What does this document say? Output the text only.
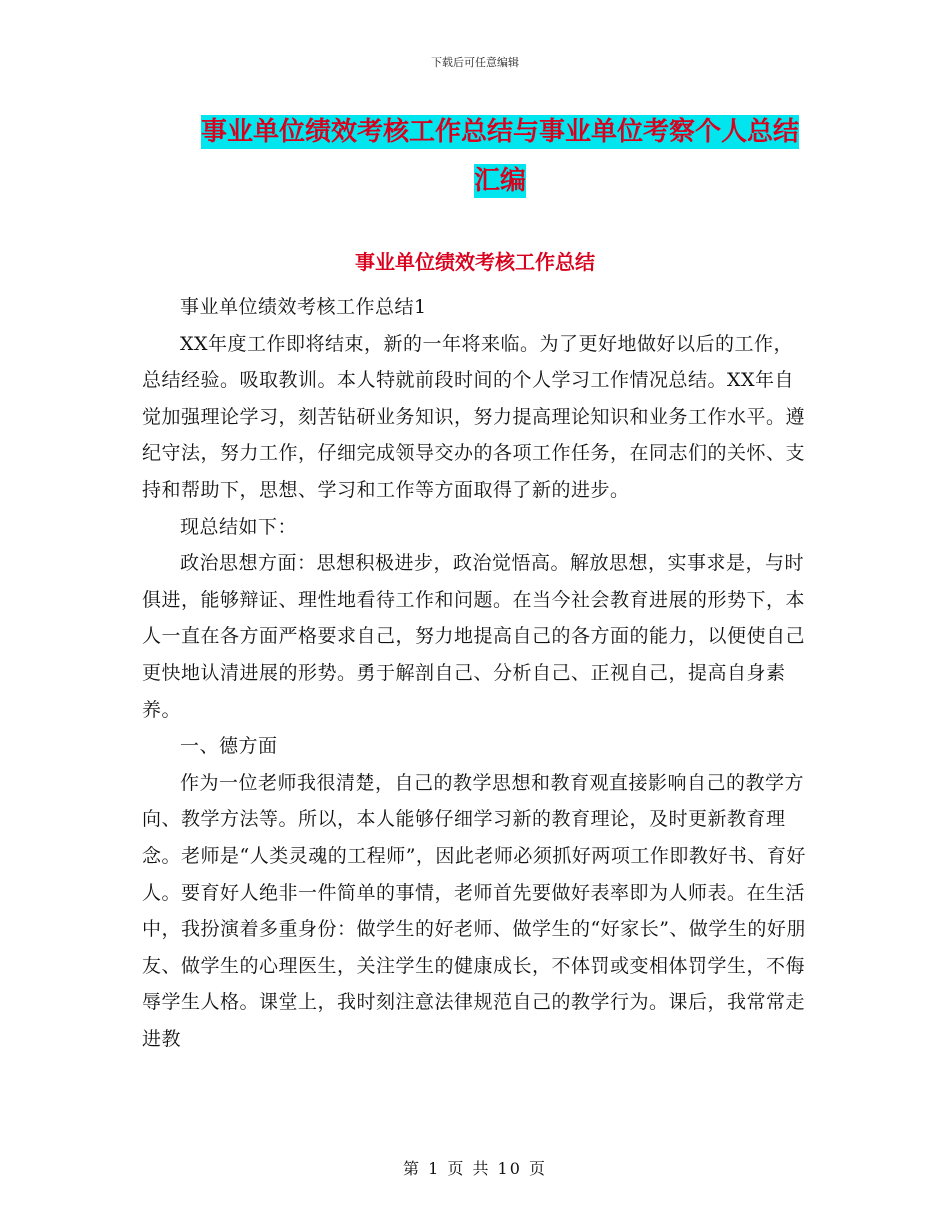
下载后可任意编辑
事业单位绩效考核工作总结与事业单位考察个人总结汇编
事业单位绩效考核工作总结

事业单位绩效考核工作总结1

XX年度工作即将结束，新的一年将来临。为了更好地做好以后的工作，总结经验。吸取教训。本人特就前段时间的个人学习工作情况总结。XX年自觉加强理论学习，刻苦钻研业务知识，努力提高理论知识和业务工作水平。遵纪守法，努力工作，仔细完成领导交办的各项工作任务，在同志们的关怀、支持和帮助下，思想、学习和工作等方面取得了新的进步。

现总结如下：

政治思想方面：思想积极进步，政治觉悟高。解放思想，实事求是，与时俱进，能够辩证、理性地看待工作和问题。在当今社会教育进展的形势下，本人一直在各方面严格要求自己，努力地提高自己的各方面的能力，以便使自己更快地认清进展的形势。勇于解剖自己、分析自己、正视自己，提高自身素养。

一、德方面

作为一位老师我很清楚，自己的教学思想和教育观直接影响自己的教学方向、教学方法等。所以，本人能够仔细学习新的教育理论，及时更新教育理念。老师是“人类灵魂的工程师”，因此老师必须抓好两项工作即教好书、育好人。要育好人绝非一件简单的事情，老师首先要做好表率即为人师表。在生活中，我扮演着多重身份：做学生的好老师、做学生的“好家长”、做学生的好朋友、做学生的心理医生，关注学生的健康成长，不体罚或变相体罚学生，不侮辱学生人格。课堂上，我时刻注意法律规范自己的教学行为。课后，我常常走进教

第 1 页 共 10 页
